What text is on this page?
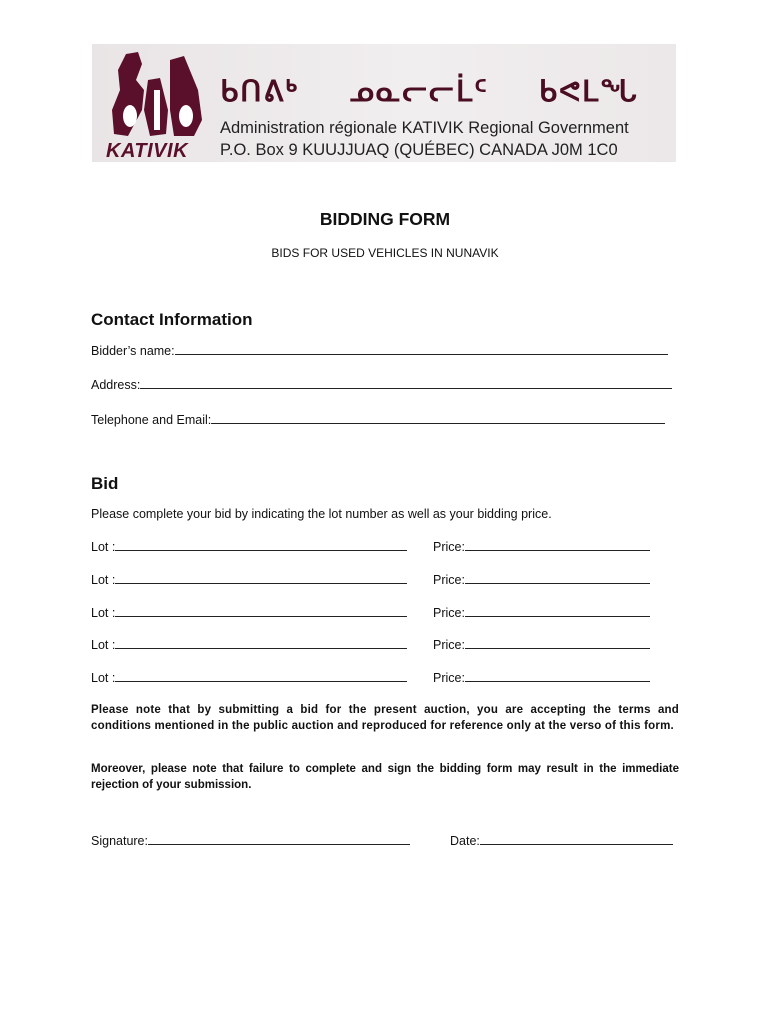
KATIVIK
ᑲᑎᕕᒃ ᓄᓇᓕᓕᒫᑦ ᑲᕙᒪᖓ
Administration régionale KATIVIK Regional Government
P.O. Box 9 KUUJJUAQ (QUÉBEC) CANADA J0M 1C0
BIDDING FORM
BIDS FOR USED VEHICLES IN NUNAVIK
Contact Information
Bidder’s name:
Address:
Telephone and Email:
Bid
Please complete your bid by indicating the lot number as well as your bidding price.
Lot :	Price:
Lot :	Price:
Lot :	Price:
Lot :	Price:
Lot :	Price:
Please note that by submitting a bid for the present auction, you are accepting the terms and conditions mentioned in the public auction and reproduced for reference only at the verso of this form.
Moreover, please note that failure to complete and sign the bidding form may result in the immediate rejection of your submission.
Signature:	Date:
